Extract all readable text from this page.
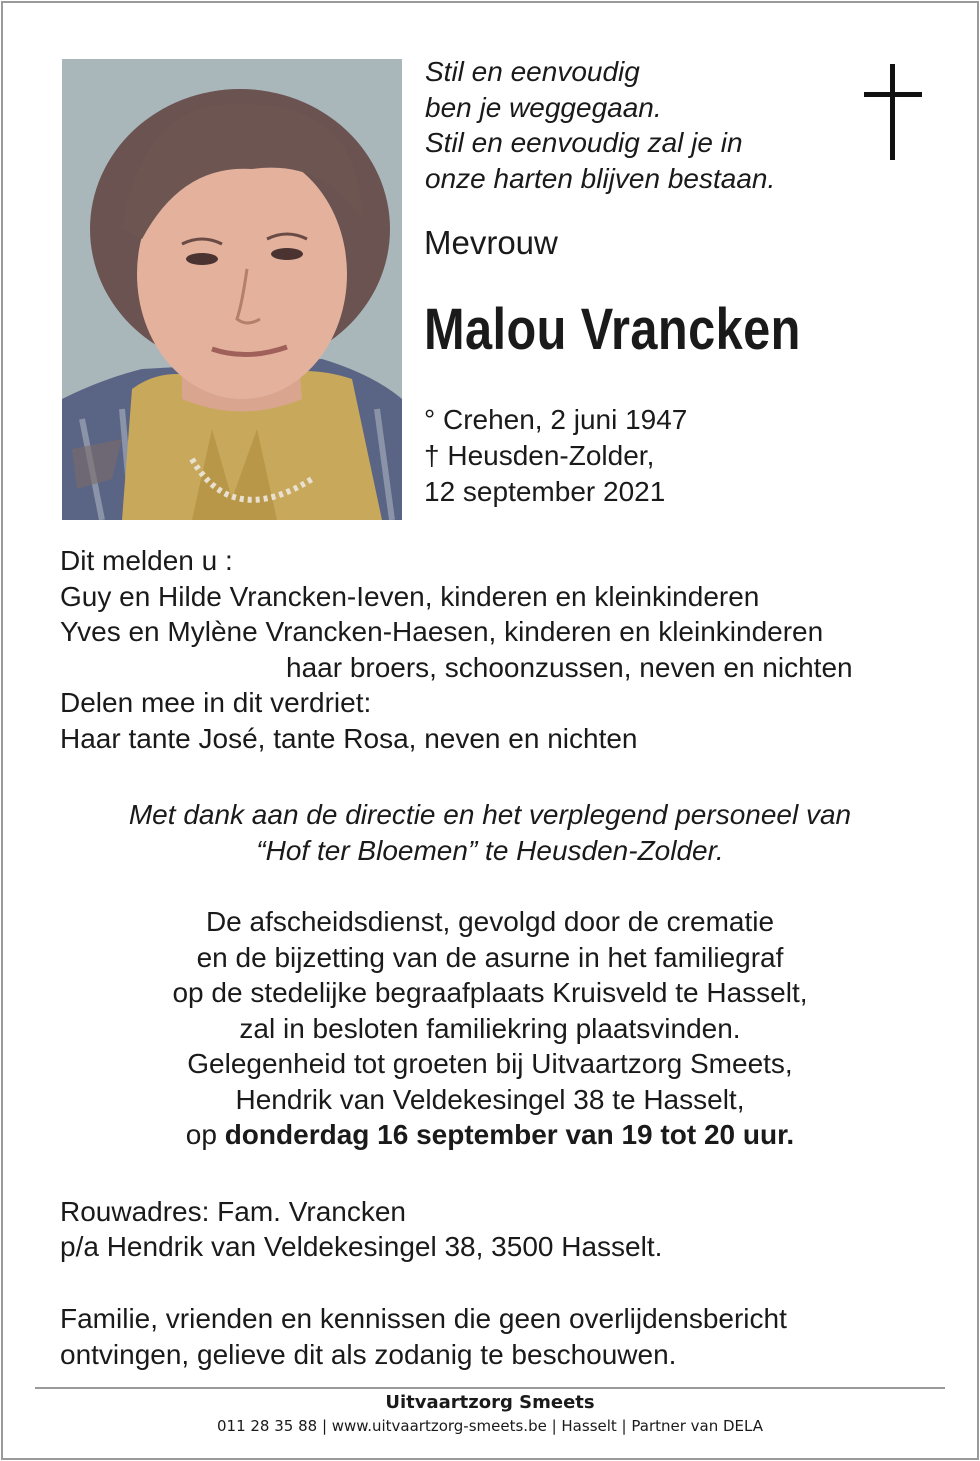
Stil en eenvoudig
ben je weggegaan.
Stil en eenvoudig zal je in
onze harten blijven bestaan.
Mevrouw
Malou Vrancken
° Crehen, 2 juni 1947
† Heusden-Zolder,
12 september 2021
Dit melden u :
Guy en Hilde Vrancken-Ieven, kinderen en kleinkinderen
Yves en Mylène Vrancken-Haesen, kinderen en kleinkinderen
haar broers, schoonzussen, neven en nichten
Delen mee in dit verdriet:
Haar tante José, tante Rosa, neven en nichten
Met dank aan de directie en het verplegend personeel van
“Hof ter Bloemen” te Heusden-Zolder.
De afscheidsdienst, gevolgd door de crematie
en de bijzetting van de asurne in het familiegraf
op de stedelijke begraafplaats Kruisveld te Hasselt,
zal in besloten familiekring plaatsvinden.
Gelegenheid tot groeten bij Uitvaartzorg Smeets,
Hendrik van Veldekesingel 38 te Hasselt,
op donderdag 16 september van 19 tot 20 uur.
Rouwadres: Fam. Vrancken
p/a Hendrik van Veldekesingel 38, 3500 Hasselt.
Familie, vrienden en kennissen die geen overlijdensbericht
ontvingen, gelieve dit als zodanig te beschouwen.
Uitvaartzorg Smeets
011 28 35 88 | www.uitvaartzorg-smeets.be | Hasselt | Partner van DELA
